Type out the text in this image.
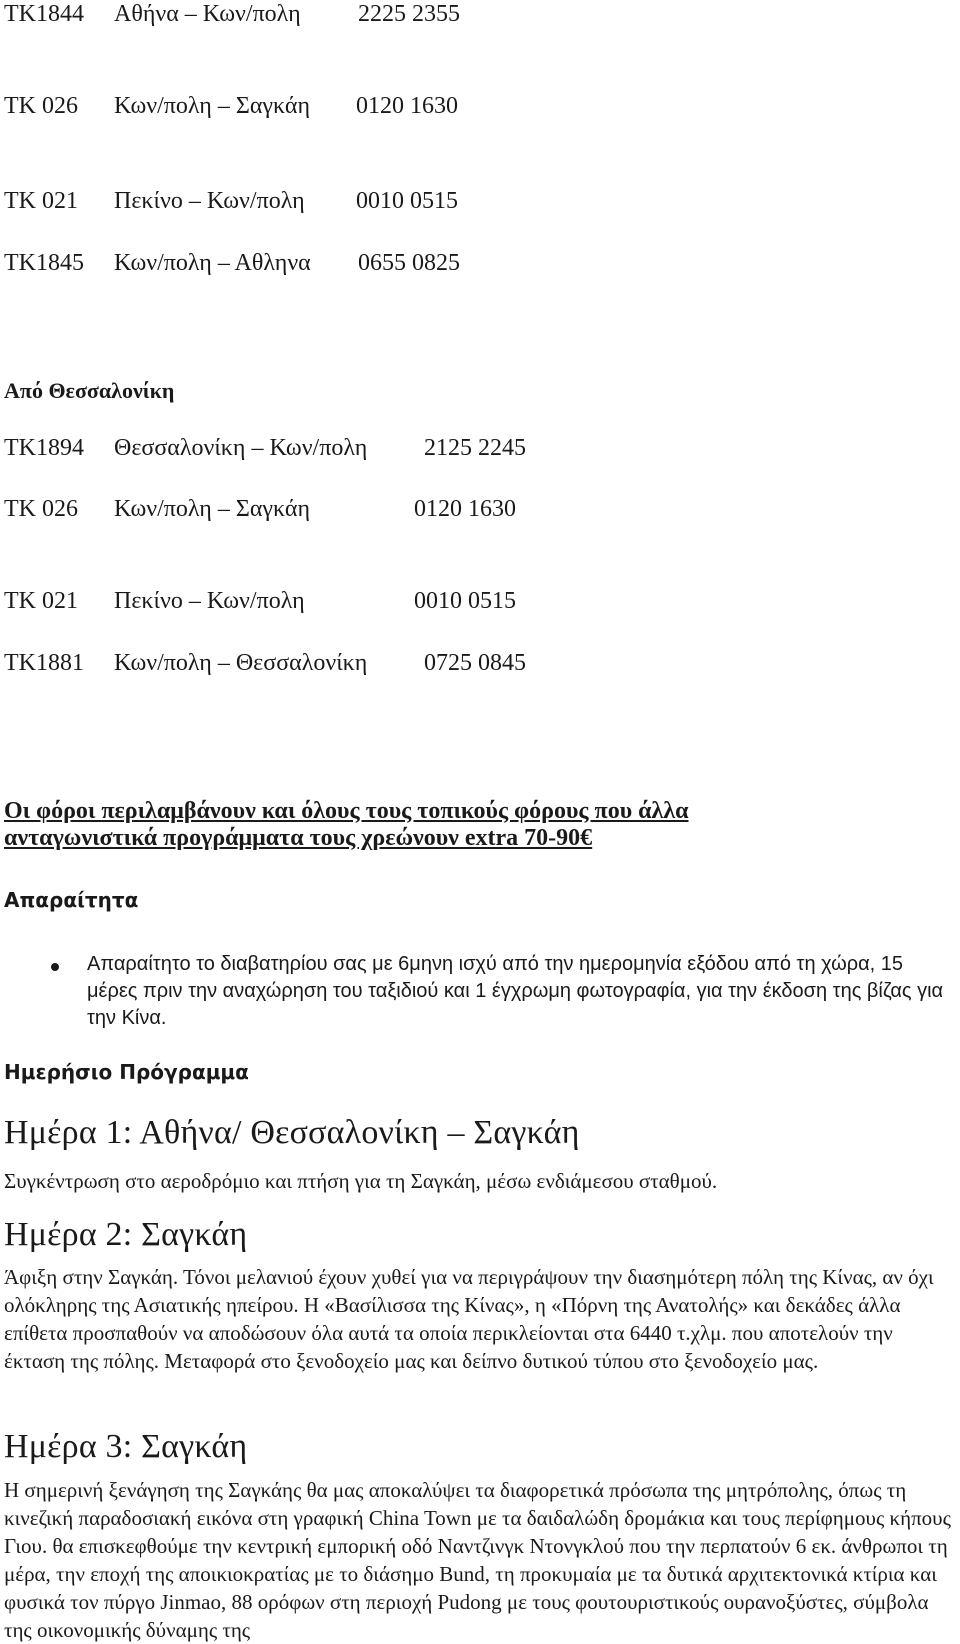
TK1844 Αθήνα – Κων/πολη 2225 2355
TK 026 Κων/πολη – Σαγκάη 0120 1630
TK 021 Πεκίνο – Κων/πολη 0010 0515
TK1845 Κων/πολη – Αθληνα 0655 0825
Από Θεσσαλονίκη
TK1894 Θεσσαλονίκη – Κων/πολη 2125 2245
TK 026 Κων/πολη – Σαγκάη	0120 1630
TK 021 Πεκίνο – Κων/πολη	0010 0515
TK1881 Κων/πολη – Θεσσαλονίκη 0725 0845
Οι φόροι περιλαμβάνουν και όλους τους τοπικούς φόρους που άλλα
ανταγωνιστικά προγράμματα τους χρεώνουν extra 70-90€
Απαραίτητα
Απαραίτητο το διαβατηρίου σας με 6μηνη ισχύ από την ημερομηνία εξόδου από τη χώρα, 15 μέρες πριν την αναχώρηση του ταξιδιού και 1 έγχρωμη φωτογραφία, για την έκδοση της βίζας για την Κίνα.
Ημερήσιο Πρόγραμμα
Ημέρα 1: Αθήνα/ Θεσσαλονίκη – Σαγκάη
Συγκέντρωση στο αεροδρόμιο και πτήση για τη Σαγκάη, μέσω ενδιάμεσου σταθμού.
Ημέρα 2: Σαγκάη
Άφιξη στην Σαγκάη. Τόνοι μελανιού έχουν χυθεί για να περιγράψουν την διασημότερη πόλη της Κίνας, αν όχι ολόκληρης της Ασιατικής ηπείρου. Η «Βασίλισσα της Κίνας», η «Πόρνη της Ανατολής» και δεκάδες άλλα επίθετα προσπαθούν να αποδώσουν όλα αυτά τα οποία περικλείονται στα 6440 τ.χλμ. που αποτελούν την έκταση της πόλης. Μεταφορά στο ξενοδοχείο μας και δείπνο δυτικού τύπου στο ξενοδοχείο μας.
Ημέρα 3: Σαγκάη
Η σημερινή ξενάγηση της Σαγκάης θα μας αποκαλύψει τα διαφορετικά πρόσωπα της μητρόπολης, όπως τη κινεζική παραδοσιακή εικόνα στη γραφική China Town με τα δαιδαλώδη δρομάκια και τους περίφημους κήπους Γιου. θα επισκεφθούμε την κεντρική εμπορική οδό Ναντζινγκ Ντονγκλού που την περπατούν 6 εκ. άνθρωποι τη μέρα, την εποχή της αποικιοκρατίας με το διάσημο Bund, τη προκυμαία με τα δυτικά αρχιτεκτονικά κτίρια και φυσικά τον πύργο Jinmao, 88 ορόφων στη περιοχή Pudong με τους φουτουριστικούς ουρανοξύστες, σύμβολα της οικονομικής δύναμης της
